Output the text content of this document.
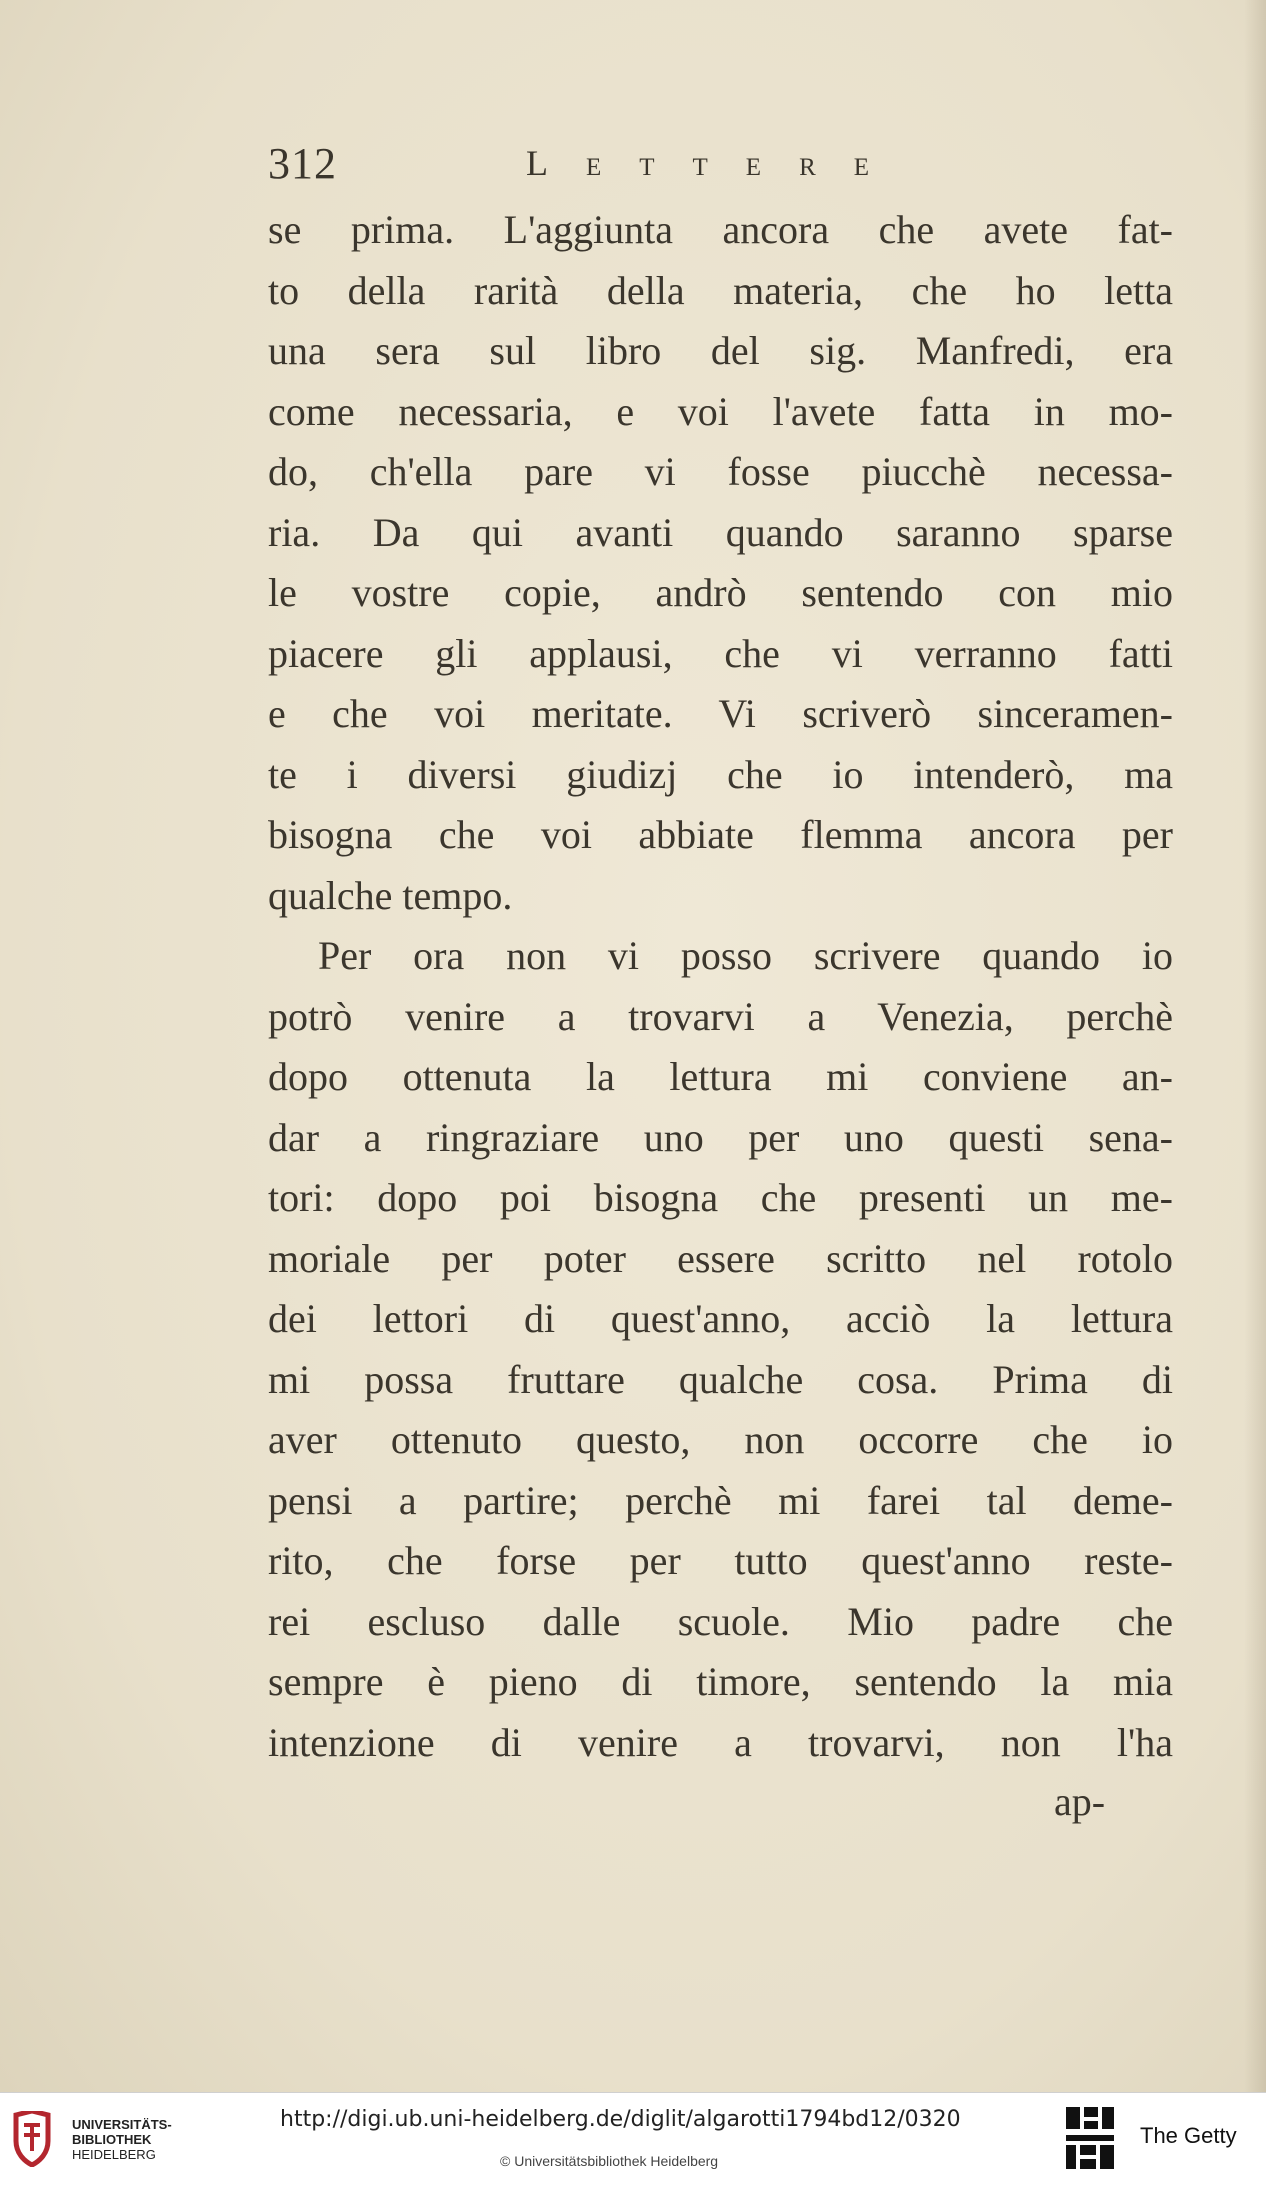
312	Lettere
se prima. L'aggiunta ancora che avete fat-
to della rarità della materia, che ho letta
una sera sul libro del sig. Manfredi, era
come necessaria, e voi l'avete fatta in mo-
do, ch'ella pare vi fosse piucchè necessa-
ria. Da qui avanti quando saranno sparse
le vostre copie, andrò sentendo con mio
piacere gli applausi, che vi verranno fatti
e che voi meritate. Vi scriverò sinceramen-
te i diversi giudizj che io intenderò, ma
bisogna che voi abbiate flemma ancora per
qualche tempo.
Per ora non vi posso scrivere quando io
potrò venire a trovarvi a Venezia, perchè
dopo ottenuta la lettura mi conviene an-
dar a ringraziare uno per uno questi sena-
tori: dopo poi bisogna che presenti un me-
moriale per poter essere scritto nel rotolo
dei lettori di quest'anno, acciò la lettura
mi possa fruttare qualche cosa. Prima di
aver ottenuto questo, non occorre che io
pensi a partire; perchè mi farei tal deme-
rito, che forse per tutto quest'anno reste-
rei escluso dalle scuole. Mio padre che
sempre è pieno di timore, sentendo la mia
intenzione di venire a trovarvi, non l'ha
ap-
UNIVERSITÄTS-
BIBLIOTHEK
HEIDELBERG
http://digi.ub.uni-heidelberg.de/diglit/algarotti1794bd12/0320
© Universitätsbibliothek Heidelberg
The Getty
